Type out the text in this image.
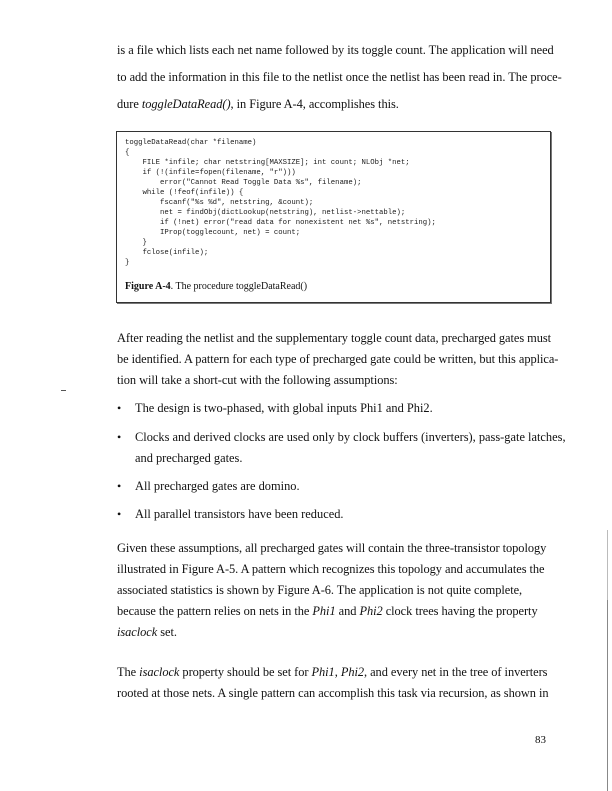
is a file which lists each net name followed by its toggle count. The application will need
to add the information in this file to the netlist once the netlist has been read in. The proce-
dure toggleDataRead(), in Figure A-4, accomplishes this.
toggleDataRead(char *filename)
{
FILE *infile; char netstring[MAXSIZE]; int count; NLObj *net;
if (!(infile=fopen(filename, "r")))
error("Cannot Read Toggle Data %s", filename);
while (!feof(infile)) {
fscanf("%s %d", netstring, &count);
net = findObj(dictLookup(netstring), netlist->nettable);
if (!net) error("read data for nonexistent net %s", netstring);
IProp(togglecount, net) = count;
}
fclose(infile);
}
Figure A-4. The procedure toggleDataRead()
After reading the netlist and the supplementary toggle count data, precharged gates must
be identified. A pattern for each type of precharged gate could be written, but this applica-
tion will take a short-cut with the following assumptions:
• The design is two-phased, with global inputs Phi1 and Phi2.
• Clocks and derived clocks are used only by clock buffers (inverters), pass-gate latches,
and precharged gates.
• All precharged gates are domino.
• All parallel transistors have been reduced.
Given these assumptions, all precharged gates will contain the three-transistor topology
illustrated in Figure A-5. A pattern which recognizes this topology and accumulates the
associated statistics is shown by Figure A-6. The application is not quite complete,
because the pattern relies on nets in the Phi1 and Phi2 clock trees having the property
isaclock set.
The isaclock property should be set for Phi1, Phi2, and every net in the tree of inverters
rooted at those nets. A single pattern can accomplish this task via recursion, as shown in
83
